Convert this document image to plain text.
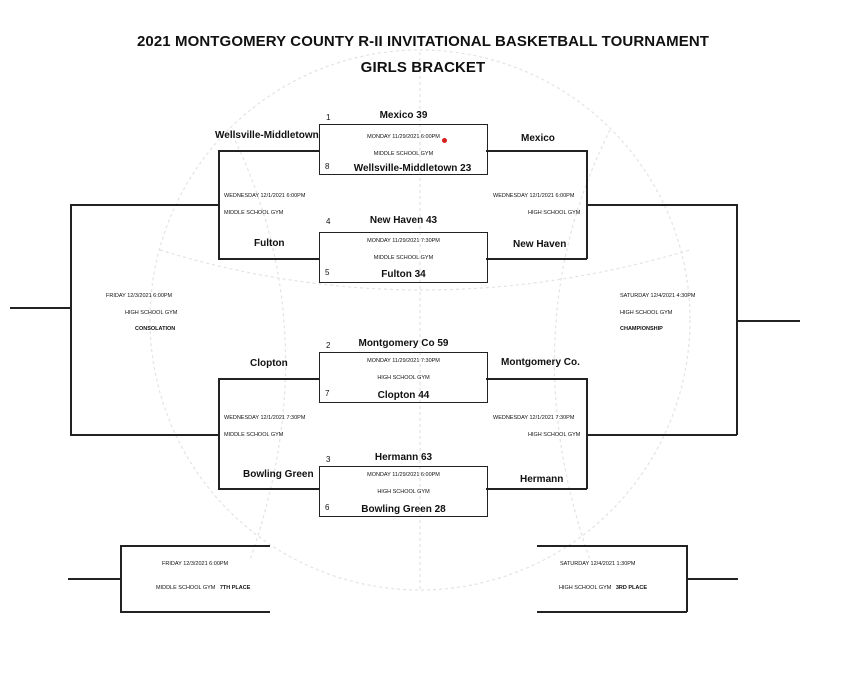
2021 MONTGOMERY COUNTY R-II INVITATIONAL BASKETBALL TOURNAMENT
GIRLS BRACKET
1	Mexico 39
MONDAY 11/29/2021 6:00PM
MIDDLE SCHOOL GYM
8	Wellsville-Middletown 23
4	New Haven 43
MONDAY 11/29/2021 7:30PM
MIDDLE SCHOOL GYM
5	Fulton 34
2	Montgomery Co 59
MONDAY 11/29/2021 7:30PM
HIGH SCHOOL GYM
7	Clopton 44
3	Hermann 63
MONDAY 11/29/2021 6:00PM
HIGH SCHOOL GYM
6	Bowling Green 28
Wellsville-Middletown
WEDNESDAY 12/1/2021 6:00PM
MIDDLE SCHOOL GYM
Fulton
Clopton
WEDNESDAY 12/1/2021 7:30PM
MIDDLE SCHOOL GYM
Bowling Green
FRIDAY 12/3/2021 6:00PM
HIGH SCHOOL GYM
CONSOLATION
FRIDAY 12/3/2021 6:00PM
MIDDLE SCHOOL GYM 7TH PLACE
Mexico
WEDNESDAY 12/1/2021 6:00PM
HIGH SCHOOL GYM
New Haven
Montgomery Co.
WEDNESDAY 12/1/2021 7:30PM
HIGH SCHOOL GYM
Hermann
SATURDAY 12/4/2021 4:30PM
HIGH SCHOOL GYM
CHAMPIONSHIP
SATURDAY 12/4/2021 1:30PM
HIGH SCHOOL GYM 3RD PLACE
